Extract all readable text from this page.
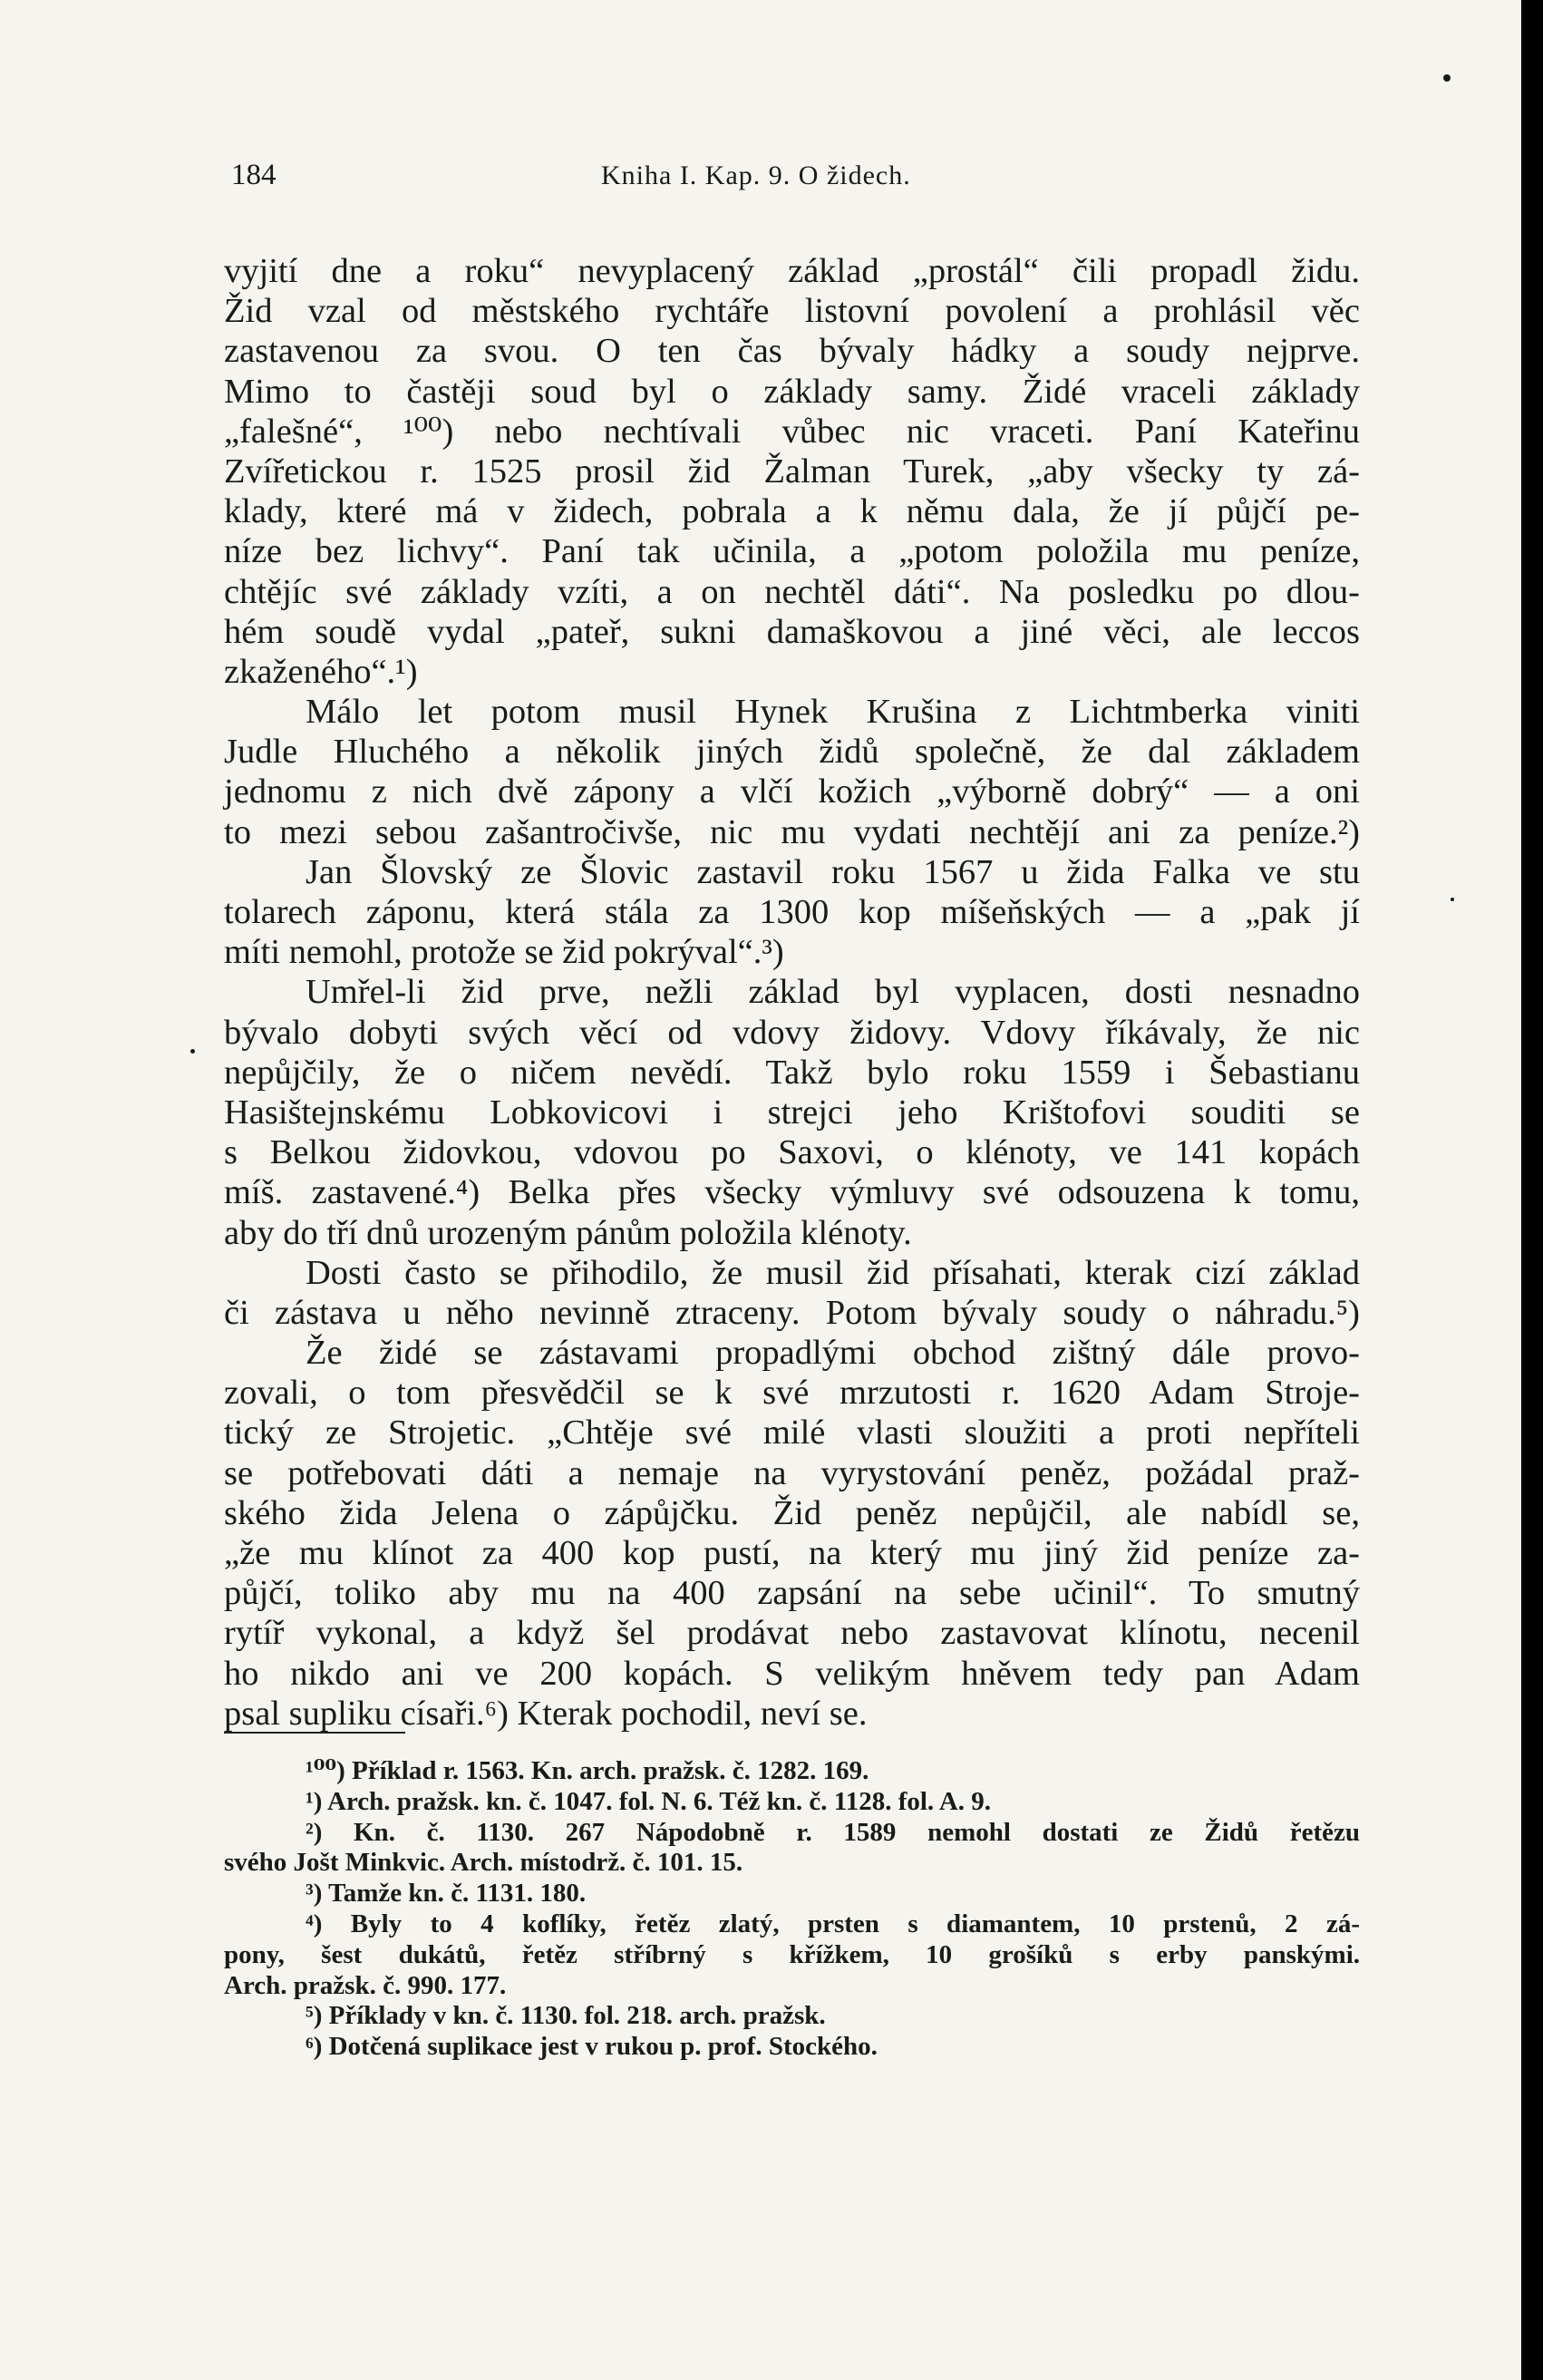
184	Kniha I. Kap. 9. O židech.
vyjití dne a roku“ nevyplacený základ „prostál“ čili propadl židu.
Žid vzal od městského rychtáře listovní povolení a prohlásil věc
zastavenou za svou. O ten čas bývaly hádky a soudy nejprve.
Mimo to častěji soud byl o základy samy. Židé vraceli základy
„falešné“, ¹⁰⁰) nebo nechtívali vůbec nic vraceti. Paní Kateřinu
Zvířetickou r. 1525 prosil žid Žalman Turek, „aby všecky ty zá-
klady, které má v židech, pobrala a k němu dala, že jí půjčí pe-
níze bez lichvy“. Paní tak učinila, a „potom položila mu peníze,
chtějíc své základy vzíti, a on nechtěl dáti“. Na posledku po dlou-
hém soudě vydal „pateř, sukni damaškovou a jiné věci, ale leccos
zkaženého“.¹)
Málo let potom musil Hynek Krušina z Lichtmberka viniti
Judle Hluchého a několik jiných židů společně, že dal základem
jednomu z nich dvě zápony a vlčí kožich „výborně dobrý“ — a oni
to mezi sebou zašantročivše, nic mu vydati nechtějí ani za peníze.²)
Jan Šlovský ze Šlovic zastavil roku 1567 u žida Falka ve stu
tolarech záponu, která stála za 1300 kop míšeňských — a „pak jí
míti nemohl, protože se žid pokrýval“.³)
Umřel-li žid prve, nežli základ byl vyplacen, dosti nesnadno
bývalo dobyti svých věcí od vdovy židovy. Vdovy říkávaly, že nic
nepůjčily, že o ničem nevědí. Takž bylo roku 1559 i Šebastianu
Hasištejnskému Lobkovicovi i strejci jeho Krištofovi souditi se
s Belkou židovkou, vdovou po Saxovi, o klénoty, ve 141 kopách
míš. zastavené.⁴) Belka přes všecky výmluvy své odsouzena k tomu,
aby do tří dnů urozeným pánům položila klénoty.
Dosti často se přihodilo, že musil žid přísahati, kterak cizí základ
či zástava u něho nevinně ztraceny. Potom bývaly soudy o náhradu.⁵)
Že židé se zástavami propadlými obchod zištný dále provo-
zovali, o tom přesvědčil se k své mrzutosti r. 1620 Adam Stroje-
tický ze Strojetic. „Chtěje své milé vlasti sloužiti a proti nepříteli
se potřebovati dáti a nemaje na vyrystování peněz, požádal praž-
ského žida Jelena o zápůjčku. Žid peněz nepůjčil, ale nabídl se,
„že mu klínot za 400 kop pustí, na který mu jiný žid peníze za-
půjčí, toliko aby mu na 400 zapsání na sebe učinil“. To smutný
rytíř vykonal, a když šel prodávat nebo zastavovat klínotu, necenil
ho nikdo ani ve 200 kopách. S velikým hněvem tedy pan Adam
psal supliku císaři.⁶) Kterak pochodil, neví se.
¹⁰⁰) Příklad r. 1563. Kn. arch. pražsk. č. 1282. 169.
¹) Arch. pražsk. kn. č. 1047. fol. N. 6. Též kn. č. 1128. fol. A. 9.
²) Kn. č. 1130. 267 Nápodobně r. 1589 nemohl dostati ze Židů řetězu
svého Jošt Minkvic. Arch. místodrž. č. 101. 15.
³) Tamže kn. č. 1131. 180.
⁴) Byly to 4 koflíky, řetěz zlatý, prsten s diamantem, 10 prstenů, 2 zá-
pony, šest dukátů, řetěz stříbrný s křížkem, 10 grošíků s erby panskými.
Arch. pražsk. č. 990. 177.
⁵) Příklady v kn. č. 1130. fol. 218. arch. pražsk.
⁶) Dotčená suplikace jest v rukou p. prof. Stockého.
